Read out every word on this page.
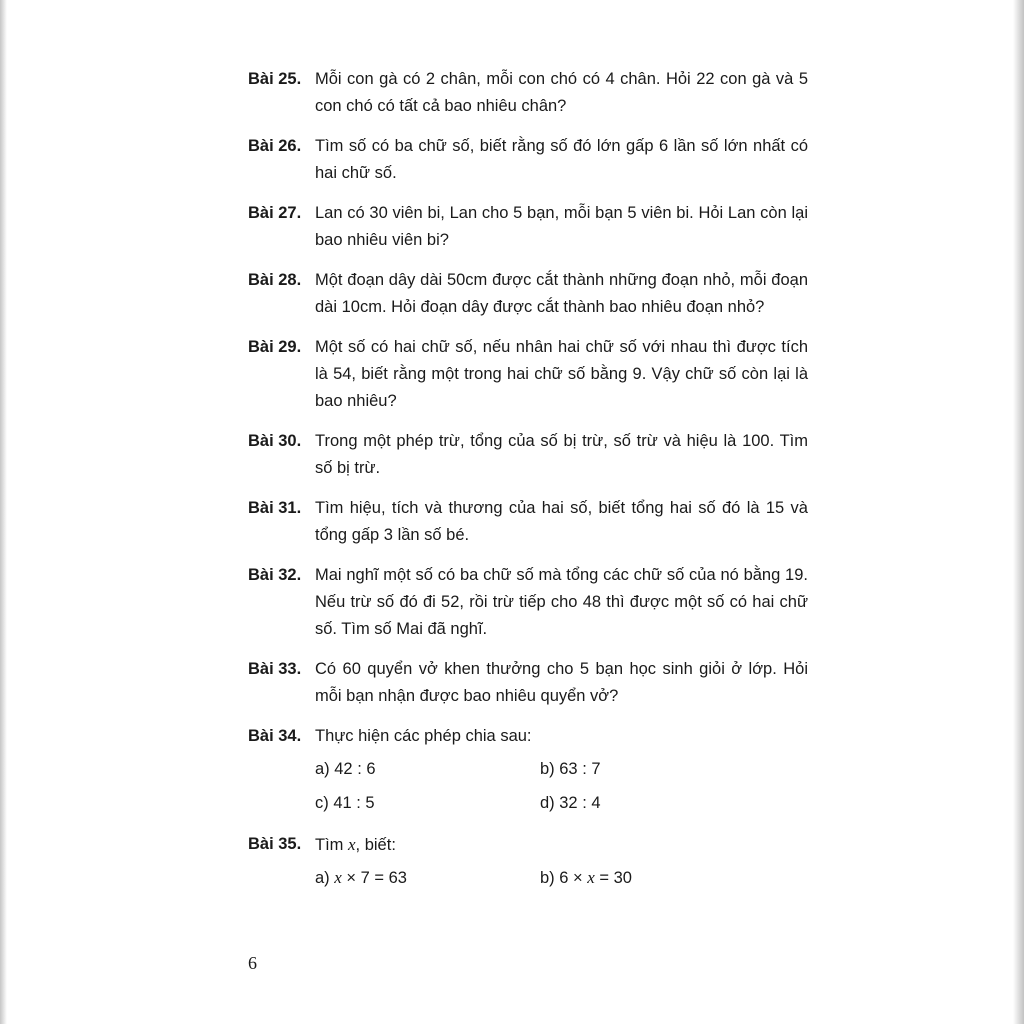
Bài 25. Mỗi con gà có 2 chân, mỗi con chó có 4 chân. Hỏi 22 con gà và 5 con chó có tất cả bao nhiêu chân?
Bài 26. Tìm số có ba chữ số, biết rằng số đó lớn gấp 6 lần số lớn nhất có hai chữ số.
Bài 27. Lan có 30 viên bi, Lan cho 5 bạn, mỗi bạn 5 viên bi. Hỏi Lan còn lại bao nhiêu viên bi?
Bài 28. Một đoạn dây dài 50cm được cắt thành những đoạn nhỏ, mỗi đoạn dài 10cm. Hỏi đoạn dây được cắt thành bao nhiêu đoạn nhỏ?
Bài 29. Một số có hai chữ số, nếu nhân hai chữ số với nhau thì được tích là 54, biết rằng một trong hai chữ số bằng 9. Vậy chữ số còn lại là bao nhiêu?
Bài 30. Trong một phép trừ, tổng của số bị trừ, số trừ và hiệu là 100. Tìm số bị trừ.
Bài 31. Tìm hiệu, tích và thương của hai số, biết tổng hai số đó là 15 và tổng gấp 3 lần số bé.
Bài 32. Mai nghĩ một số có ba chữ số mà tổng các chữ số của nó bằng 19. Nếu trừ số đó đi 52, rồi trừ tiếp cho 48 thì được một số có hai chữ số. Tìm số Mai đã nghĩ.
Bài 33. Có 60 quyển vở khen thưởng cho 5 bạn học sinh giỏi ở lớp. Hỏi mỗi bạn nhận được bao nhiêu quyển vở?
Bài 34. Thực hiện các phép chia sau:
a) 42 : 6	b) 63 : 7
c) 41 : 5	d) 32 : 4
Bài 35. Tìm x, biết:
a) x × 7 = 63	b) 6 × x = 30
6
